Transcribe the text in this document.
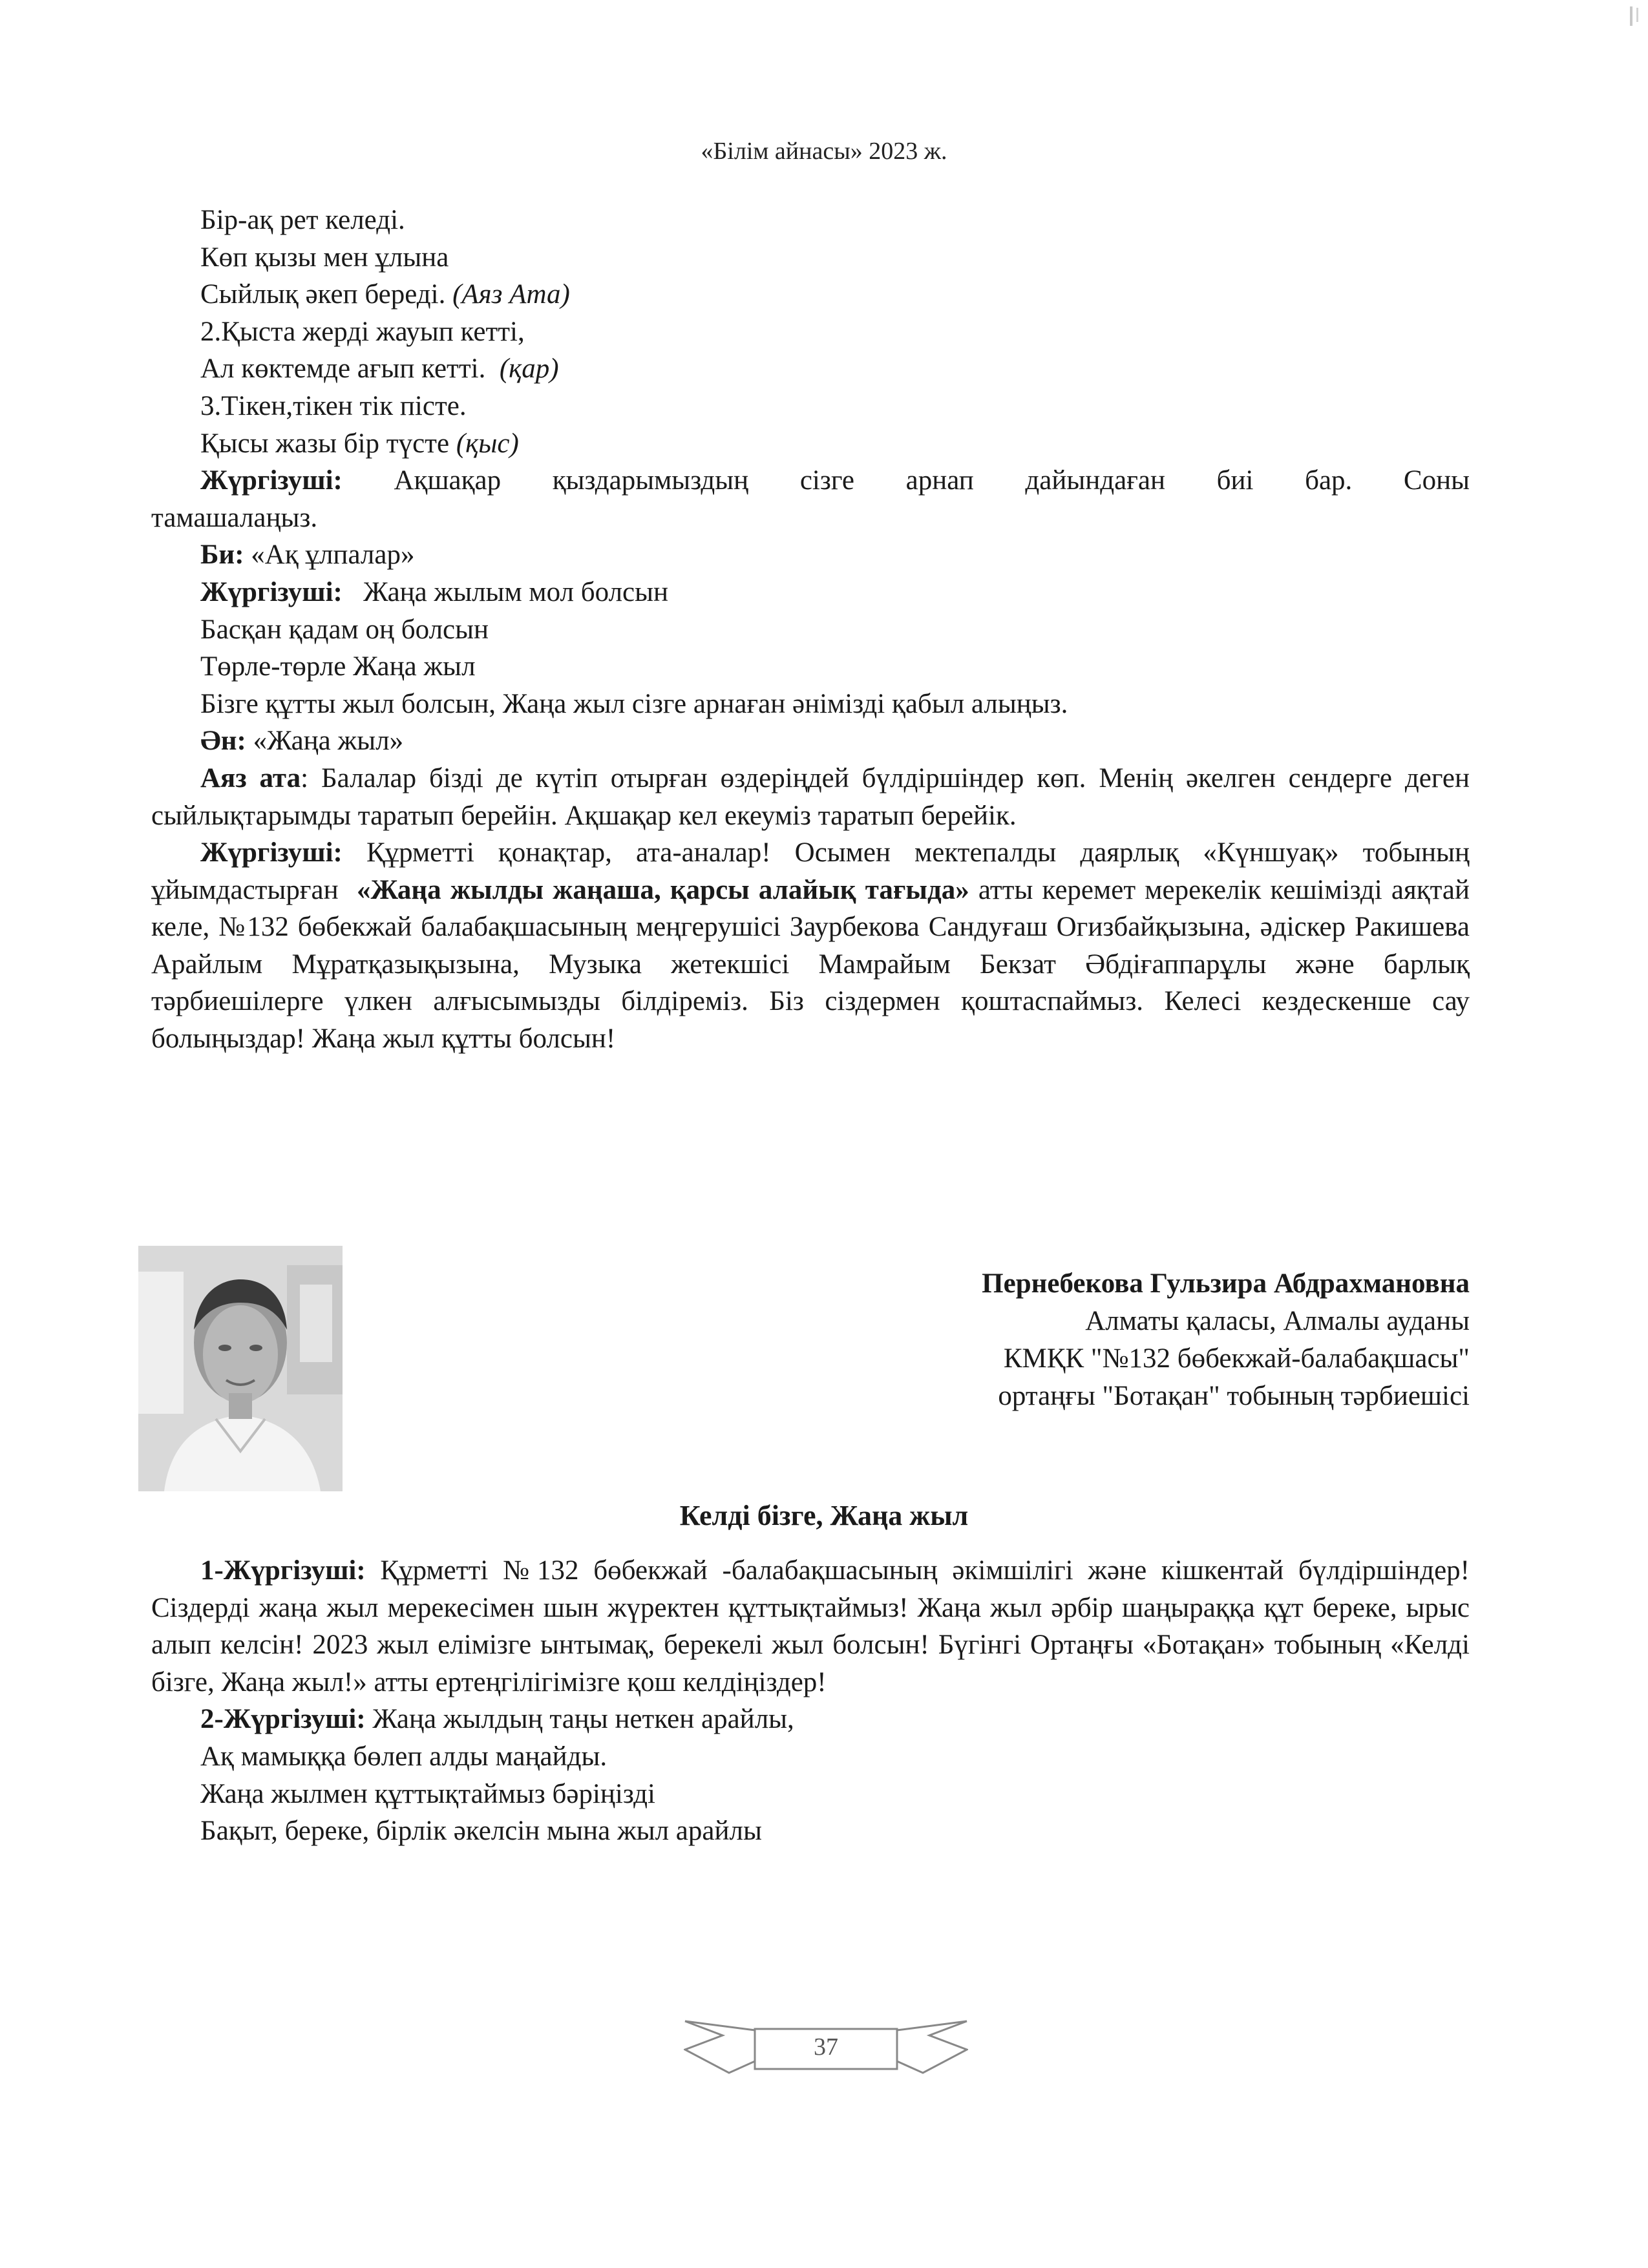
«Білім айнасы» 2023 ж.
Бір-ақ рет келеді.
Көп қызы мен ұлына
Сыйлық әкеп береді. (Аяз Ата)
2.Қыста жерді жауып кетті,
Ал көктемде ағып кетті. (қар)
3.Тікен,тікен тік пісте.
Қысы жазы бір түсте (қыс)
Жүргізуші: Ақшақар қыздарымыздың сізге арнап дайындаған биі бар. Соны
тамашалаңыз.
Би: «Ақ ұлпалар»
Жүргізуші: Жаңа жылым мол болсын
Басқан қадам оң болсын
Төрле-төрле Жаңа жыл
Бізге құтты жыл болсын, Жаңа жыл сізге арнаған әнімізді қабыл алыңыз.
Ән: «Жаңа жыл»
Аяз ата: Балалар бізді де күтіп отырған өздеріңдей бүлдіршіндер көп. Менің әкелген сендерге деген сыйлықтарымды таратып берейін. Ақшақар кел екеуміз таратып берейік.
Жүргізуші: Құрметті қонақтар, ата-аналар! Осымен мектепалды даярлық «Күншуақ» тобының ұйымдастырған «Жаңа жылды жаңаша, қарсы алайық тағыда» атты керемет мерекелік кешімізді аяқтай келе, №132 бөбекжай балабақшасының меңгерушісі Заурбекова Сандуғаш Огизбайқызына, әдіскер Ракишева Арайлым Мұратқазықызына, Музыка жетекшісі Мамрайым Бекзат Әбдіғаппарұлы және барлық тәрбиешілерге үлкен алғысымызды білдіреміз. Біз сіздермен қоштаспаймыз. Келесі кездескенше сау болыңыздар! Жаңа жыл құтты болсын!
Пернебекова Гульзира Абдрахмановна
Алматы қаласы, Алмалы ауданы
КМҚК "№132 бөбекжай-балабақшасы"
ортаңғы "Ботақан" тобының тәрбиешісі
Келді бізге, Жаңа жыл
1-Жүргізуші: Құрметті №132 бөбекжай -балабақшасының әкімшілігі және кішкентай бүлдіршіндер! Сіздерді жаңа жыл мерекесімен шын жүректен құттықтаймыз! Жаңа жыл әрбір шаңыраққа құт береке, ырыс алып келсін! 2023 жыл елімізге ынтымақ, берекелі жыл болсын! Бүгінгі Ортаңғы «Ботақан» тобының «Келді бізге, Жаңа жыл!» атты ертеңгілігімізге қош келдіңіздер!
2-Жүргізуші: Жаңа жылдың таңы неткен арайлы,
Ақ мамыққа бөлеп алды маңайды.
Жаңа жылмен құттықтаймыз бәріңізді
Бақыт, береке, бірлік әкелсін мына жыл арайлы
37
